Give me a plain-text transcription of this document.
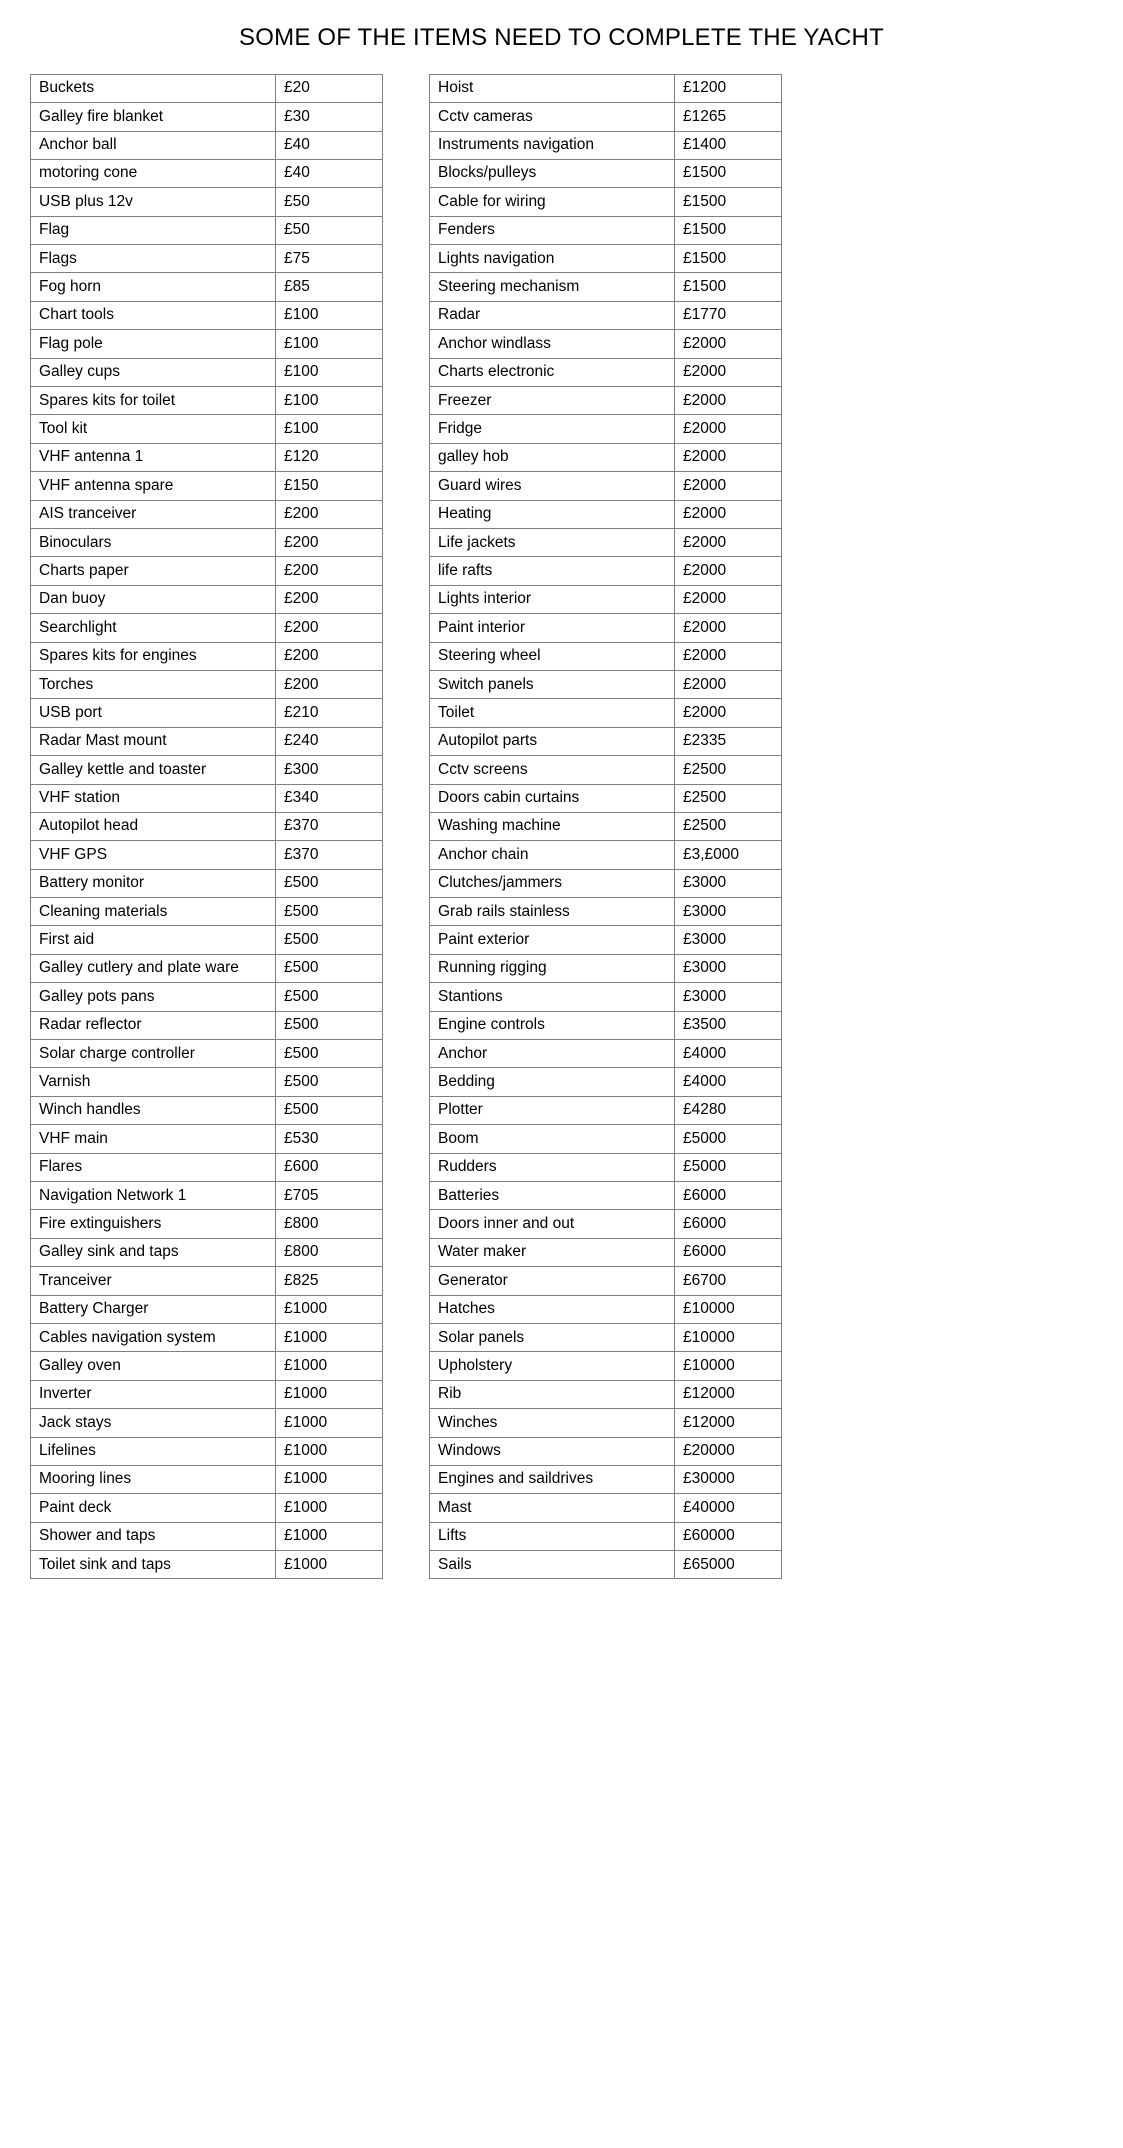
SOME OF THE ITEMS NEED TO COMPLETE THE YACHT
Buckets	£20
Galley fire blanket	£30
Anchor ball	£40
motoring cone	£40
USB plus 12v	£50
Flag	£50
Flags	£75
Fog horn	£85
Chart tools	£100
Flag pole	£100
Galley cups	£100
Spares kits for toilet	£100
Tool kit	£100
VHF antenna 1	£120
VHF antenna spare	£150
AIS tranceiver	£200
Binoculars	£200
Charts paper	£200
Dan buoy	£200
Searchlight	£200
Spares kits for engines	£200
Torches	£200
USB port	£210
Radar Mast mount	£240
Galley kettle and toaster	£300
VHF station	£340
Autopilot head	£370
VHF GPS	£370
Battery monitor	£500
Cleaning materials	£500
First aid	£500
Galley cutlery and plate ware	£500
Galley pots pans	£500
Radar reflector	£500
Solar charge controller	£500
Varnish	£500
Winch handles	£500
VHF main	£530
Flares	£600
Navigation Network 1	£705
Fire extinguishers	£800
Galley sink and taps	£800
Tranceiver	£825
Battery Charger	£1000
Cables navigation system	£1000
Galley oven	£1000
Inverter	£1000
Jack stays	£1000
Lifelines	£1000
Mooring lines	£1000
Paint deck	£1000
Shower and taps	£1000
Toilet sink and taps	£1000
Hoist	£1200
Cctv cameras	£1265
Instruments navigation	£1400
Blocks/pulleys	£1500
Cable for wiring	£1500
Fenders	£1500
Lights navigation	£1500
Steering mechanism	£1500
Radar	£1770
Anchor windlass	£2000
Charts electronic	£2000
Freezer	£2000
Fridge	£2000
galley hob	£2000
Guard wires	£2000
Heating	£2000
Life jackets	£2000
life rafts	£2000
Lights interior	£2000
Paint interior	£2000
Steering wheel	£2000
Switch panels	£2000
Toilet	£2000
Autopilot parts	£2335
Cctv screens	£2500
Doors cabin curtains	£2500
Washing machine	£2500
Anchor chain	£3,£000
Clutches/jammers	£3000
Grab rails stainless	£3000
Paint exterior	£3000
Running rigging	£3000
Stantions	£3000
Engine controls	£3500
Anchor	£4000
Bedding	£4000
Plotter	£4280
Boom	£5000
Rudders	£5000
Batteries	£6000
Doors inner and out	£6000
Water maker	£6000
Generator	£6700
Hatches	£10000
Solar panels	£10000
Upholstery	£10000
Rib	£12000
Winches	£12000
Windows	£20000
Engines and saildrives	£30000
Mast	£40000
Lifts	£60000
Sails	£65000
